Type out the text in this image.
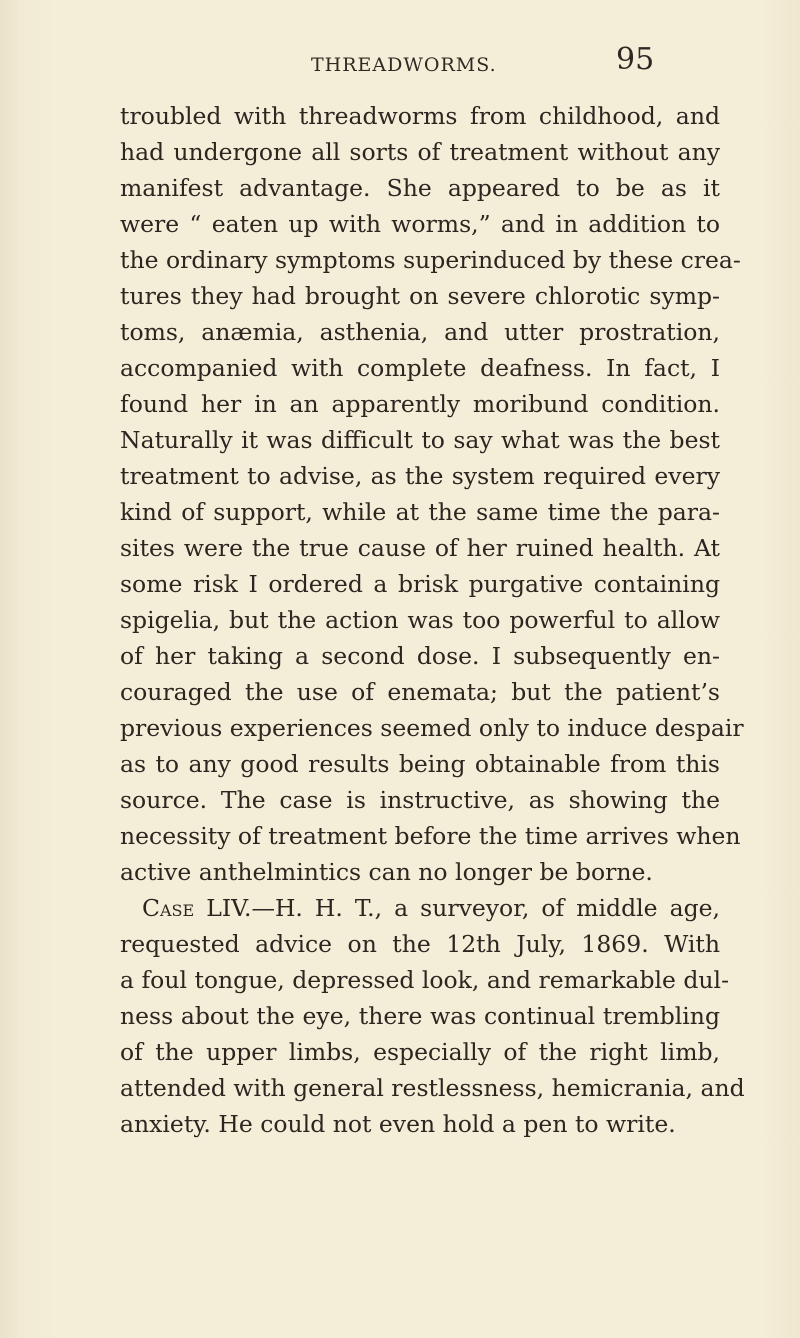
THREADWORMS.	95
troubled with threadworms from childhood, and
had undergone all sorts of treatment without any
manifest advantage. She appeared to be as it
were “ eaten up with worms,” and in addition to
the ordinary symptoms superinduced by these crea-
tures they had brought on severe chlorotic symp-
toms, anæmia, asthenia, and utter prostration,
accompanied with complete deafness. In fact, I
found her in an apparently moribund condition.
Naturally it was difficult to say what was the best
treatment to advise, as the system required every
kind of support, while at the same time the para-
sites were the true cause of her ruined health. At
some risk I ordered a brisk purgative containing
spigelia, but the action was too powerful to allow
of her taking a second dose. I subsequently en-
couraged the use of enemata; but the patient’s
previous experiences seemed only to induce despair
as to any good results being obtainable from this
source. The case is instructive, as showing the
necessity of treatment before the time arrives when
active anthelmintics can no longer be borne.
Case LIV.—H. H. T., a surveyor, of middle age,
requested advice on the 12th July, 1869. With
a foul tongue, depressed look, and remarkable dul-
ness about the eye, there was continual trembling
of the upper limbs, especially of the right limb,
attended with general restlessness, hemicrania, and
anxiety. He could not even hold a pen to write.
